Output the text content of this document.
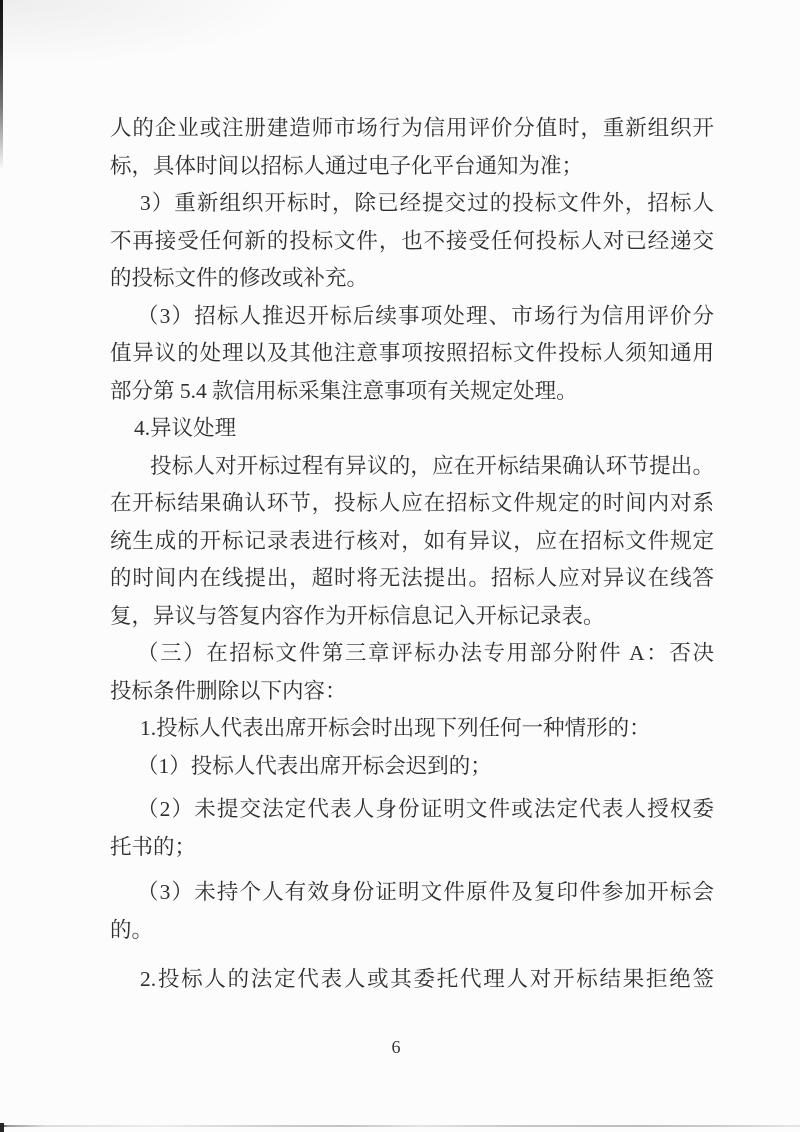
人的企业或注册建造师市场行为信用评价分值时，重新组织开
标，具体时间以招标人通过电子化平台通知为准；
3）重新组织开标时，除已经提交过的投标文件外，招标人
不再接受任何新的投标文件，也不接受任何投标人对已经递交
的投标文件的修改或补充。
（3）招标人推迟开标后续事项处理、市场行为信用评价分
值异议的处理以及其他注意事项按照招标文件投标人须知通用
部分第 5.4 款信用标采集注意事项有关规定处理。
4.异议处理
投标人对开标过程有异议的，应在开标结果确认环节提出。
在开标结果确认环节，投标人应在招标文件规定的时间内对系
统生成的开标记录表进行核对，如有异议，应在招标文件规定
的时间内在线提出，超时将无法提出。招标人应对异议在线答
复，异议与答复内容作为开标信息记入开标记录表。
（三）在招标文件第三章评标办法专用部分附件 A：否决
投标条件删除以下内容：
1.投标人代表出席开标会时出现下列任何一种情形的：
（1）投标人代表出席开标会迟到的；
（2）未提交法定代表人身份证明文件或法定代表人授权委
托书的；
（3）未持个人有效身份证明文件原件及复印件参加开标会
的。
2.投标人的法定代表人或其委托代理人对开标结果拒绝签
6
